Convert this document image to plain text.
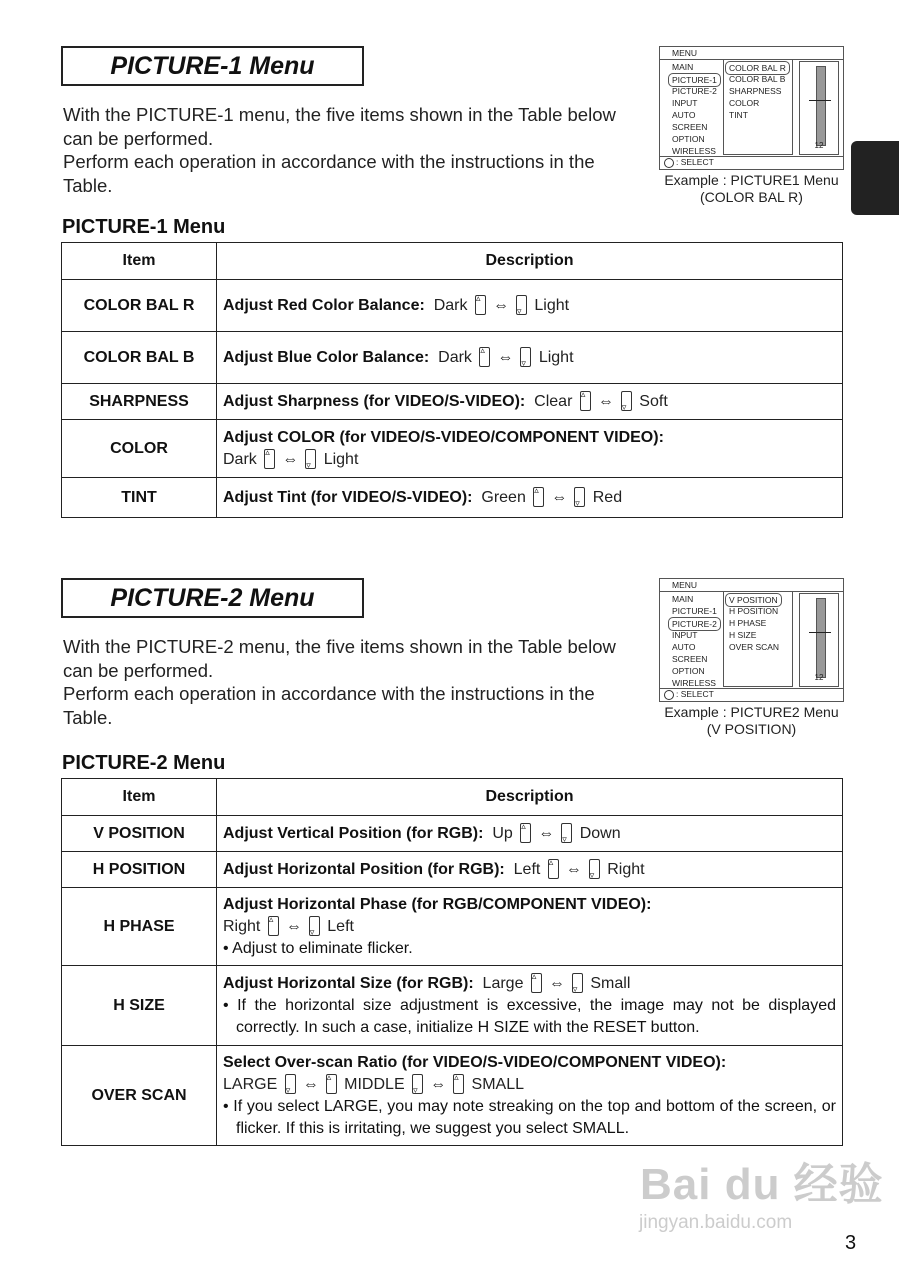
PICTURE-1 Menu

With the PICTURE-1 menu, the five items shown in the Table below can be performed.

Perform each operation in accordance with the instructions in the Table.

MENU
MAIN
PICTURE-1
PICTURE-2
INPUT
AUTO
SCREEN
OPTION
WIRELESS
COLOR BAL R
COLOR BAL B
SHARPNESS
COLOR
TINT
12
: SELECT
Example : PICTURE1 Menu
(COLOR BAL R)
PICTURE-1 Menu
Item	Description
COLOR BAL R	Adjust Red Color Balance: Dark ▵ ⇔ ▿ Light
COLOR BAL B	Adjust Blue Color Balance: Dark ▵ ⇔ ▿ Light
SHARPNESS	Adjust Sharpness (for VIDEO/S-VIDEO): Clear ▵ ⇔ ▿ Soft
COLOR	Adjust COLOR (for VIDEO/S-VIDEO/COMPONENT VIDEO):
Dark ▵ ⇔ ▿ Light
TINT	Adjust Tint (for VIDEO/S-VIDEO): Green ▵ ⇔ ▿ Red
PICTURE-2 Menu

With the PICTURE-2 menu, the five items shown in the Table below can be performed.

Perform each operation in accordance with the instructions in the Table.

MENU
MAIN
PICTURE-1
PICTURE-2
INPUT
AUTO
SCREEN
OPTION
WIRELESS
V POSITION
H POSITION
H PHASE
H SIZE
OVER SCAN
12
: SELECT
Example : PICTURE2 Menu
(V POSITION)
PICTURE-2 Menu
Item	Description
V POSITION	Adjust Vertical Position (for RGB): Up ▵ ⇔ ▿ Down
H POSITION	Adjust Horizontal Position (for RGB): Left ▵ ⇔ ▿ Right
H PHASE	Adjust Horizontal Phase (for RGB/COMPONENT VIDEO):
Right ▵ ⇔ ▿ Left
• Adjust to eliminate flicker.

H SIZE	Adjust Horizontal Size (for RGB): Large ▵ ⇔ ▿ Small
• If the horizontal size adjustment is excessive, the image may not be displayed correctly. In such a case, initialize H SIZE with the RESET button.

OVER SCAN	Select Over-scan Ratio (for VIDEO/S-VIDEO/COMPONENT VIDEO):
LARGE ▿ ⇔ ▵ MIDDLE ▿ ⇔ ▵ SMALL
• If you select LARGE, you may note streaking on the top and bottom of the screen, or flicker. If this is irritating, we suggest you select SMALL.
Bai du 经验
jingyan.baidu.com
3
